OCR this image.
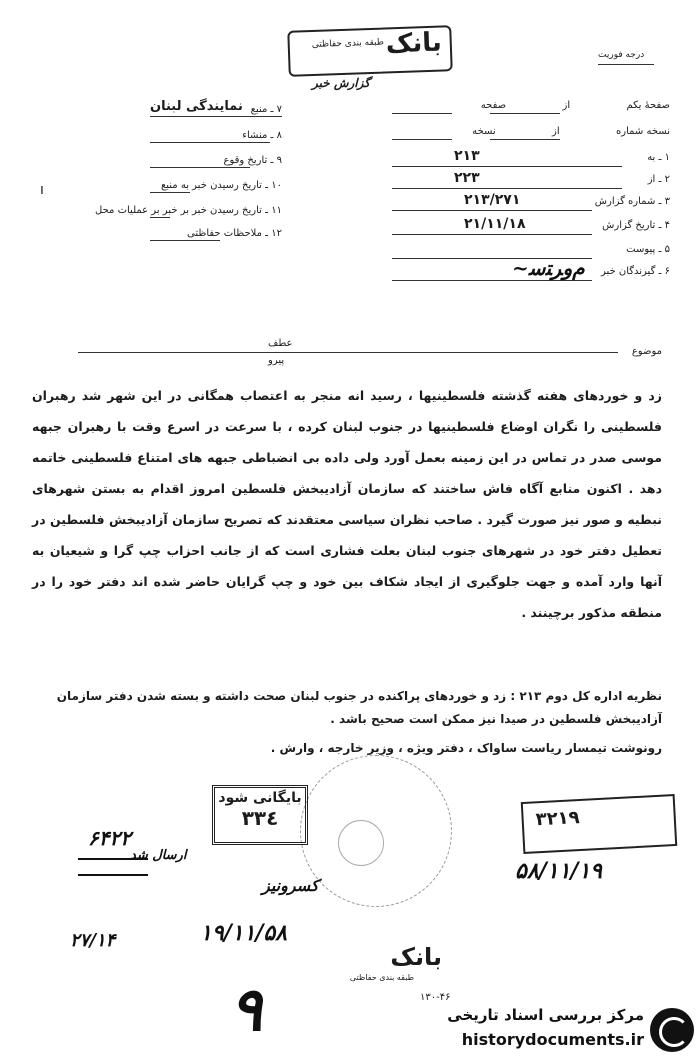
بانک
طبقه بندی حفاظتی
گزارش خبر
درجه فوریت
صفحهٔ یکم  از  صفحه
نسخه شماره  از  نسخه
۱ ـ به
۲۱۳
۲ ـ از
۲۲۳
۳ ـ شماره گزارش
۲۱۳/۲۷۱
۴ ـ تاریخ گزارش
۲۱/۱۱/۱۸
۵ ـ پیوست
۶ ـ گیرندگان خبر
~ﻡﻭﺮﺘﺳ
نمایندگی لبنان ۷ ـ منبع
۸ ـ منشاء
۹ ـ تاریخ وقوع
۱۰ ـ تاریخ رسیدن خبر به منبع
۱۱ ـ تاریخ رسیدن خبر بر خبر بر عملیات محل
۱۲ ـ ملاحظات حفاظتی
ı
موضوع
عطف
پیرو
زد و خوردهای هفته گذشته فلسطینیها ، رسید انه منجر به اعتصاب همگانی در این شهر شد رهبران فلسطینی را نگران اوضاع فلسطینیها در جنوب لبنان کرده ، با سرعت در اسرع وقت با رهبران جبهه موسی صدر در تماس در این زمینه بعمل آورد ولی داده بی انضباطی جبهه های امتناع فلسطینی خاتمه دهد . اکنون منابع آگاه فاش ساختند که سازمان آزادیبخش فلسطین امروز اقدام به بستن شهرهای نبطیه و صور نیز صورت گیرد . صاحب نظران سیاسی معتقدند که تصریح سازمان آزادیبخش فلسطین در تعطیل دفتر خود در شهرهای جنوب لبنان بعلت فشاری است که از جانب احزاب چپ گرا و شیعیان به آنها وارد آمده و جهت جلوگیری از ایجاد شکاف بین خود و چپ گرایان حاضر شده اند دفتر خود را در منطقه مذکور برچینند .
نظریه اداره کل دوم ۲۱۳ : زد و خوردهای پراکنده در جنوب لبنان صحت داشته و بسته شدن دفتر سازمان آزادیبخش فلسطین در صیدا نیز ممکن است صحیح باشد .
رونوشت تیمسار ریاست ساواک ، دفتر ویژه ، وزیر خارجه ، وارش .
بایگانی شود
۳۳٤	۳۲۱۹
۵۸/۱۱/۱۹
۱۹/۱۱/۵۸
۶۴۲۲
۲۷/۱۴
ارسال شد
کسرونیز
۹
بانک
طبقه بندی حفاظتی
۱۳۰-۴۶
مرکز بررسی اسناد تاریخی
historydocuments.ir
